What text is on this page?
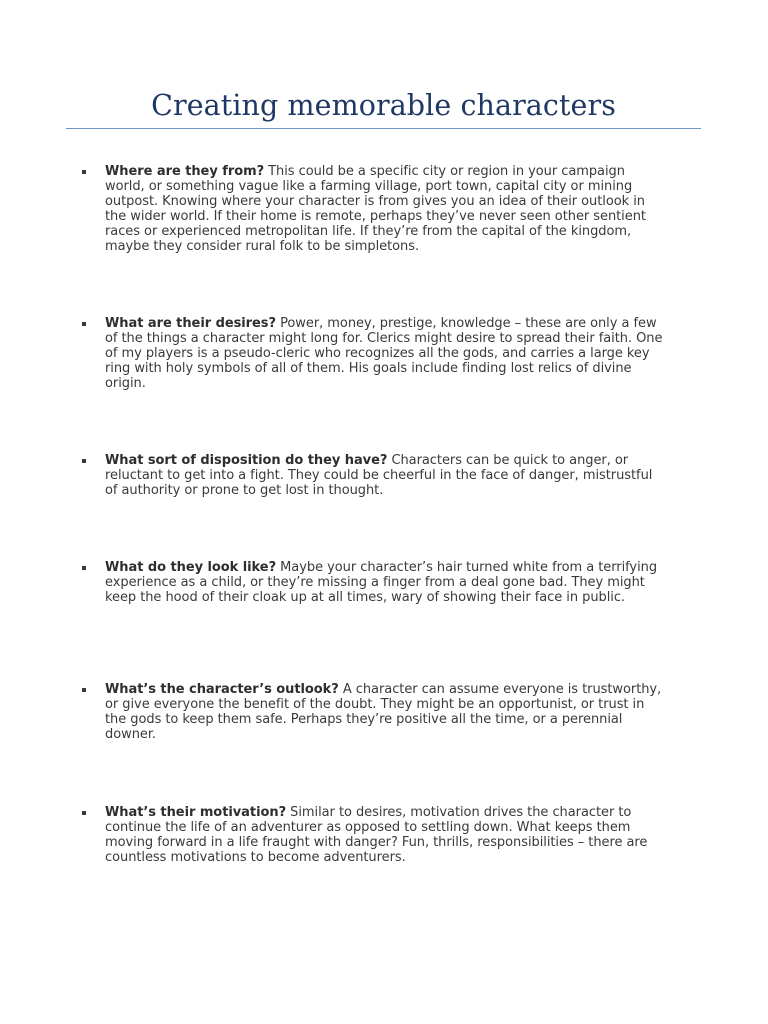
Creating memorable characters

Where are they from? This could be a specific city or region in your campaign world, or something vague like a farming village, port town, capital city or mining outpost. Knowing where your character is from gives you an idea of their outlook in the wider world. If their home is remote, perhaps they’ve never seen other sentient races or experienced metropolitan life. If they’re from the capital of the kingdom, maybe they consider rural folk to be simpletons.

What are their desires? Power, money, prestige, knowledge – these are only a few of the things a character might long for. Clerics might desire to spread their faith. One of my players is a pseudo-cleric who recognizes all the gods, and carries a large key ring with holy symbols of all of them. His goals include finding lost relics of divine origin.

What sort of disposition do they have? Characters can be quick to anger, or reluctant to get into a fight. They could be cheerful in the face of danger, mistrustful of authority or prone to get lost in thought.

What do they look like? Maybe your character’s hair turned white from a terrifying experience as a child, or they’re missing a finger from a deal gone bad. They might keep the hood of their cloak up at all times, wary of showing their face in public.

What’s the character’s outlook? A character can assume everyone is trustworthy, or give everyone the benefit of the doubt. They might be an opportunist, or trust in the gods to keep them safe. Perhaps they’re positive all the time, or a perennial downer.

What’s their motivation? Similar to desires, motivation drives the character to continue the life of an adventurer as opposed to settling down. What keeps them moving forward in a life fraught with danger? Fun, thrills, responsibilities – there are countless motivations to become adventurers.
